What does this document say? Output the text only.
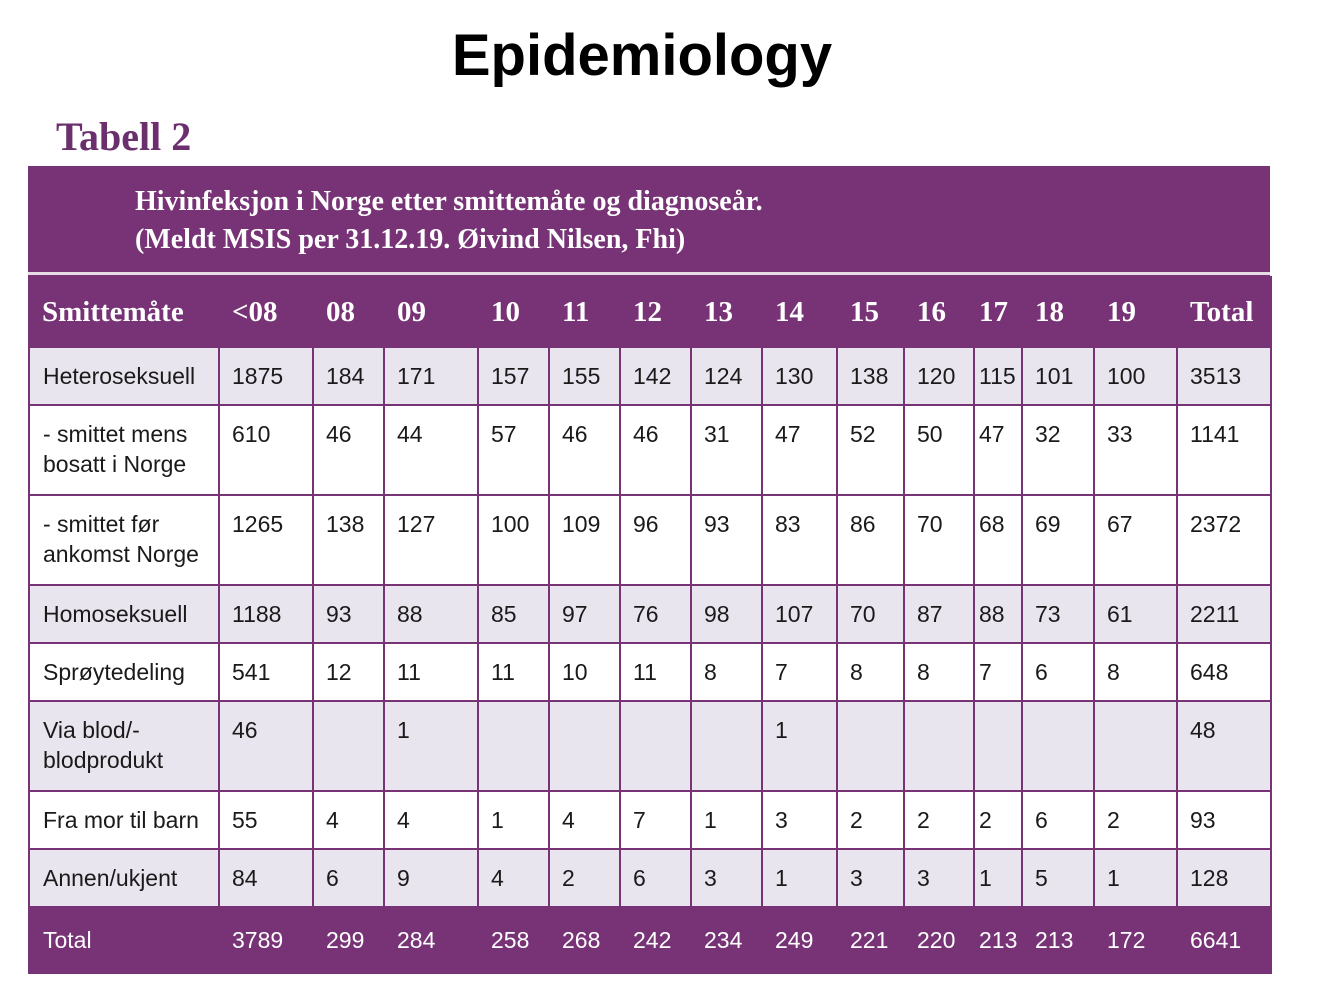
Epidemiology
Tabell 2
Hivinfeksjon i Norge etter smittemåte og diagnoseår.
(Meldt MSIS per 31.12.19. Øivind Nilsen, Fhi)
Smittemåte	<08	08	09	10	11	12	13	14	15	16	17	18	19	Total
Heteroseksuell	1875	184	171	157	155	142	124	130	138	120	115	101	100	3513
- smittet mens bosatt i Norge	610	46	44	57	46	46	31	47	52	50	47	32	33	1141
- smittet før ankomst Norge	1265	138	127	100	109	96	93	83	86	70	68	69	67	2372
Homoseksuell	1188	93	88	85	97	76	98	107	70	87	88	73	61	2211
Sprøytedeling	541	12	11	11	10	11	8	7	8	8	7	6	8	648
Via blod/-blodprodukt	46		1					1						48
Fra mor til barn	55	4	4	1	4	7	1	3	2	2	2	6	2	93
Annen/ukjent	84	6	9	4	2	6	3	1	3	3	1	5	1	128
Total	3789	299	284	258	268	242	234	249	221	220	213	213	172	6641
